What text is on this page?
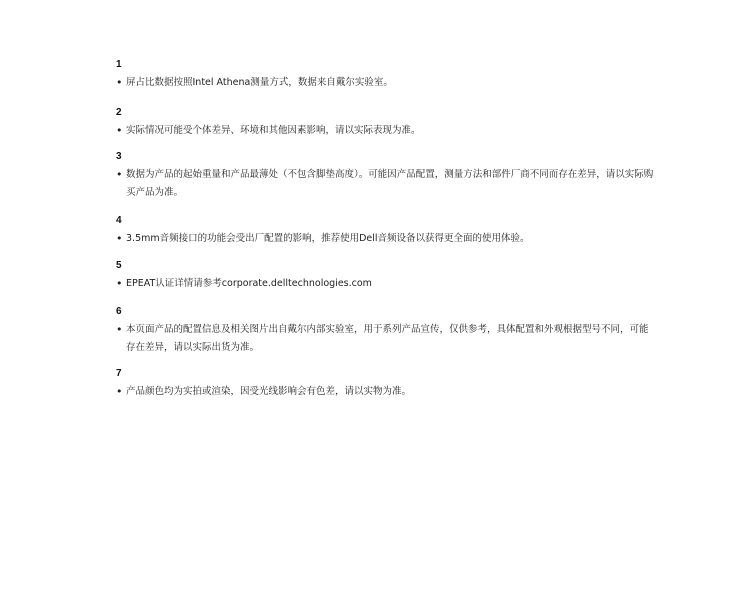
1
• 屏占比数据按照Intel Athena测量方式，数据来自戴尔实验室。
2
• 实际情况可能受个体差异、环境和其他因素影响，请以实际表现为准。
3
• 数据为产品的起始重量和产品最薄处（不包含脚垫高度）。可能因产品配置，测量方法和部件厂商不同而存在差异，请以实际购买产品为准。
4
• 3.5mm音频接口的功能会受出厂配置的影响，推荐使用Dell音频设备以获得更全面的使用体验。
5
• EPEAT认证详情请参考corporate.delltechnologies.com
6
• 本页面产品的配置信息及相关图片出自戴尔内部实验室，用于系列产品宣传，仅供参考，具体配置和外观根据型号不同，可能存在差异，请以实际出货为准。
7
• 产品颜色均为实拍或渲染，因受光线影响会有色差，请以实物为准。
